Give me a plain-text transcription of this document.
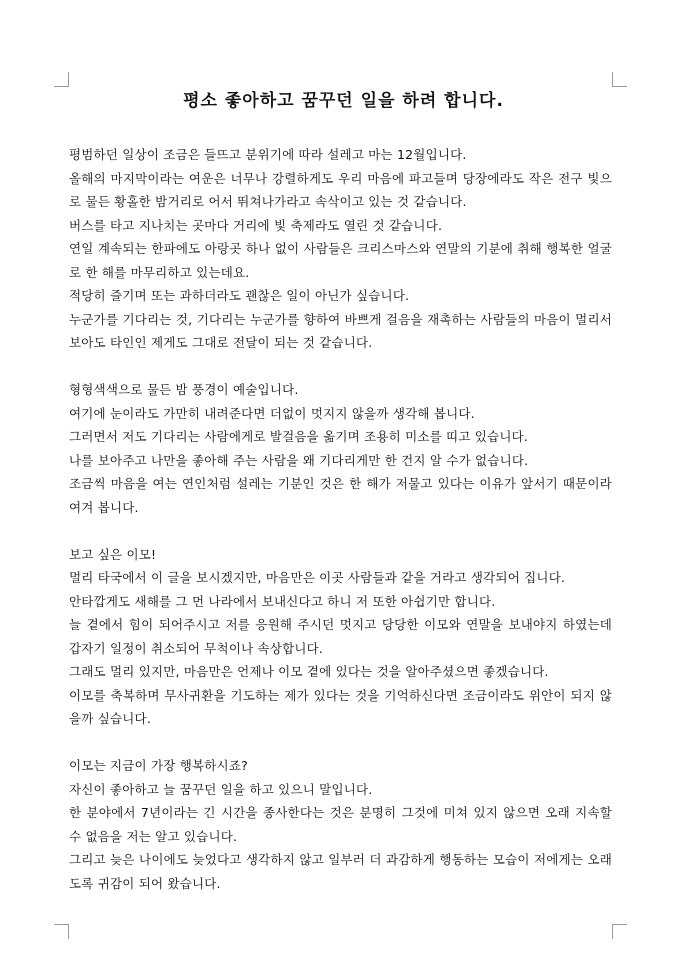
평소 좋아하고 꿈꾸던 일을 하려 합니다.

평범하던 일상이 조금은 들뜨고 분위기에 따라 설레고 마는 12월입니다.

올해의 마지막이라는 여운은 너무나 강렬하게도 우리 마음에 파고들며 당장에라도 작은 전구 빛으로 물든 황홀한 밤거리로 어서 뛰쳐나가라고 속삭이고 있는 것 같습니다.

버스를 타고 지나치는 곳마다 거리에 빛 축제라도 열린 것 같습니다.

연일 계속되는 한파에도 아랑곳 하나 없이 사람들은 크리스마스와 연말의 기분에 취해 행복한 얼굴로 한 해를 마무리하고 있는데요.

적당히 즐기며 또는 과하더라도 괜찮은 일이 아닌가 싶습니다.

누군가를 기다리는 것, 기다리는 누군가를 향하여 바쁘게 걸음을 재촉하는 사람들의 마음이 멀리서 보아도 타인인 제게도 그대로 전달이 되는 것 같습니다.

형형색색으로 물든 밤 풍경이 예술입니다.

여기에 눈이라도 가만히 내려준다면 더없이 멋지지 않을까 생각해 봅니다.

그러면서 저도 기다리는 사람에게로 발걸음을 옮기며 조용히 미소를 띠고 있습니다.

나를 보아주고 나만을 좋아해 주는 사람을 왜 기다리게만 한 건지 알 수가 없습니다.

조금씩 마음을 여는 연인처럼 설레는 기분인 것은 한 해가 저물고 있다는 이유가 앞서기 때문이라 여겨 봅니다.

보고 싶은 이모!

멀리 타국에서 이 글을 보시겠지만, 마음만은 이곳 사람들과 같을 거라고 생각되어 집니다.

안타깝게도 새해를 그 먼 나라에서 보내신다고 하니 저 또한 아쉽기만 합니다.

늘 곁에서 힘이 되어주시고 저를 응원해 주시던 멋지고 당당한 이모와 연말을 보내야지 하였는데 갑자기 일정이 취소되어 무척이나 속상합니다.

그래도 멀리 있지만, 마음만은 언제나 이모 곁에 있다는 것을 알아주셨으면 좋겠습니다.

이모를 축복하며 무사귀환을 기도하는 제가 있다는 것을 기억하신다면 조금이라도 위안이 되지 않을까 싶습니다.

이모는 지금이 가장 행복하시죠?

자신이 좋아하고 늘 꿈꾸던 일을 하고 있으니 말입니다.

한 분야에서 7년이라는 긴 시간을 종사한다는 것은 분명히 그것에 미쳐 있지 않으면 오래 지속할 수 없음을 저는 알고 있습니다.

그리고 늦은 나이에도 늦었다고 생각하지 않고 일부러 더 과감하게 행동하는 모습이 저에게는 오래도록 귀감이 되어 왔습니다.
